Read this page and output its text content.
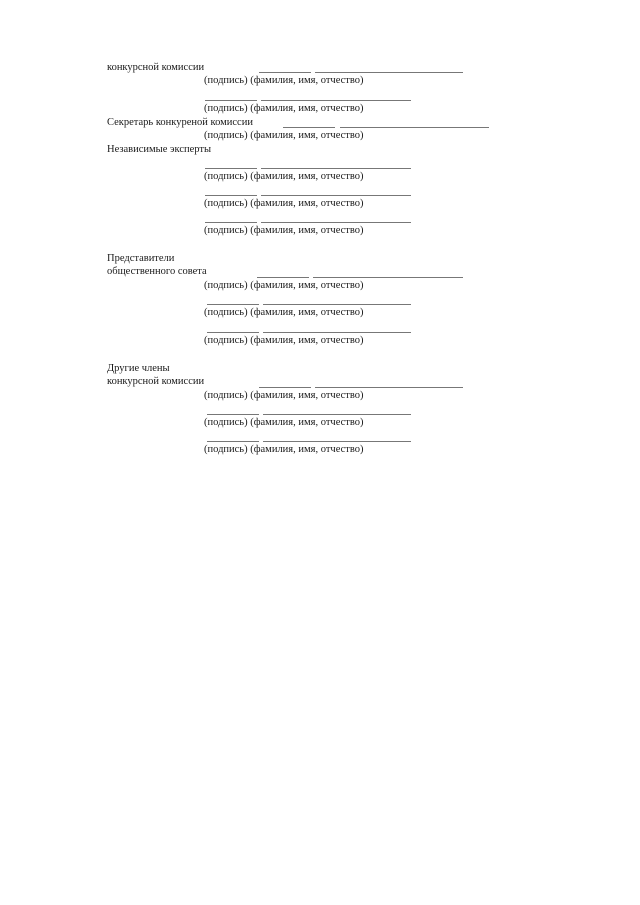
конкурсной комиссии
(подпись) (фамилия, имя, отчество)
(подпись) (фамилия, имя, отчество)
Секретарь конкуреной комиссии
(подпись) (фамилия, имя, отчество)
Независимые эксперты
(подпись) (фамилия, имя, отчество)
(подпись) (фамилия, имя, отчество)
(подпись) (фамилия, имя, отчество)
Представители
общественного совета
(подпись) (фамилия, имя, отчество)
(подпись) (фамилия, имя, отчество)
(подпись) (фамилия, имя, отчество)
Другие члены
конкурсной комиссии
(подпись) (фамилия, имя, отчество)
(подпись) (фамилия, имя, отчество)
(подпись) (фамилия, имя, отчество)
